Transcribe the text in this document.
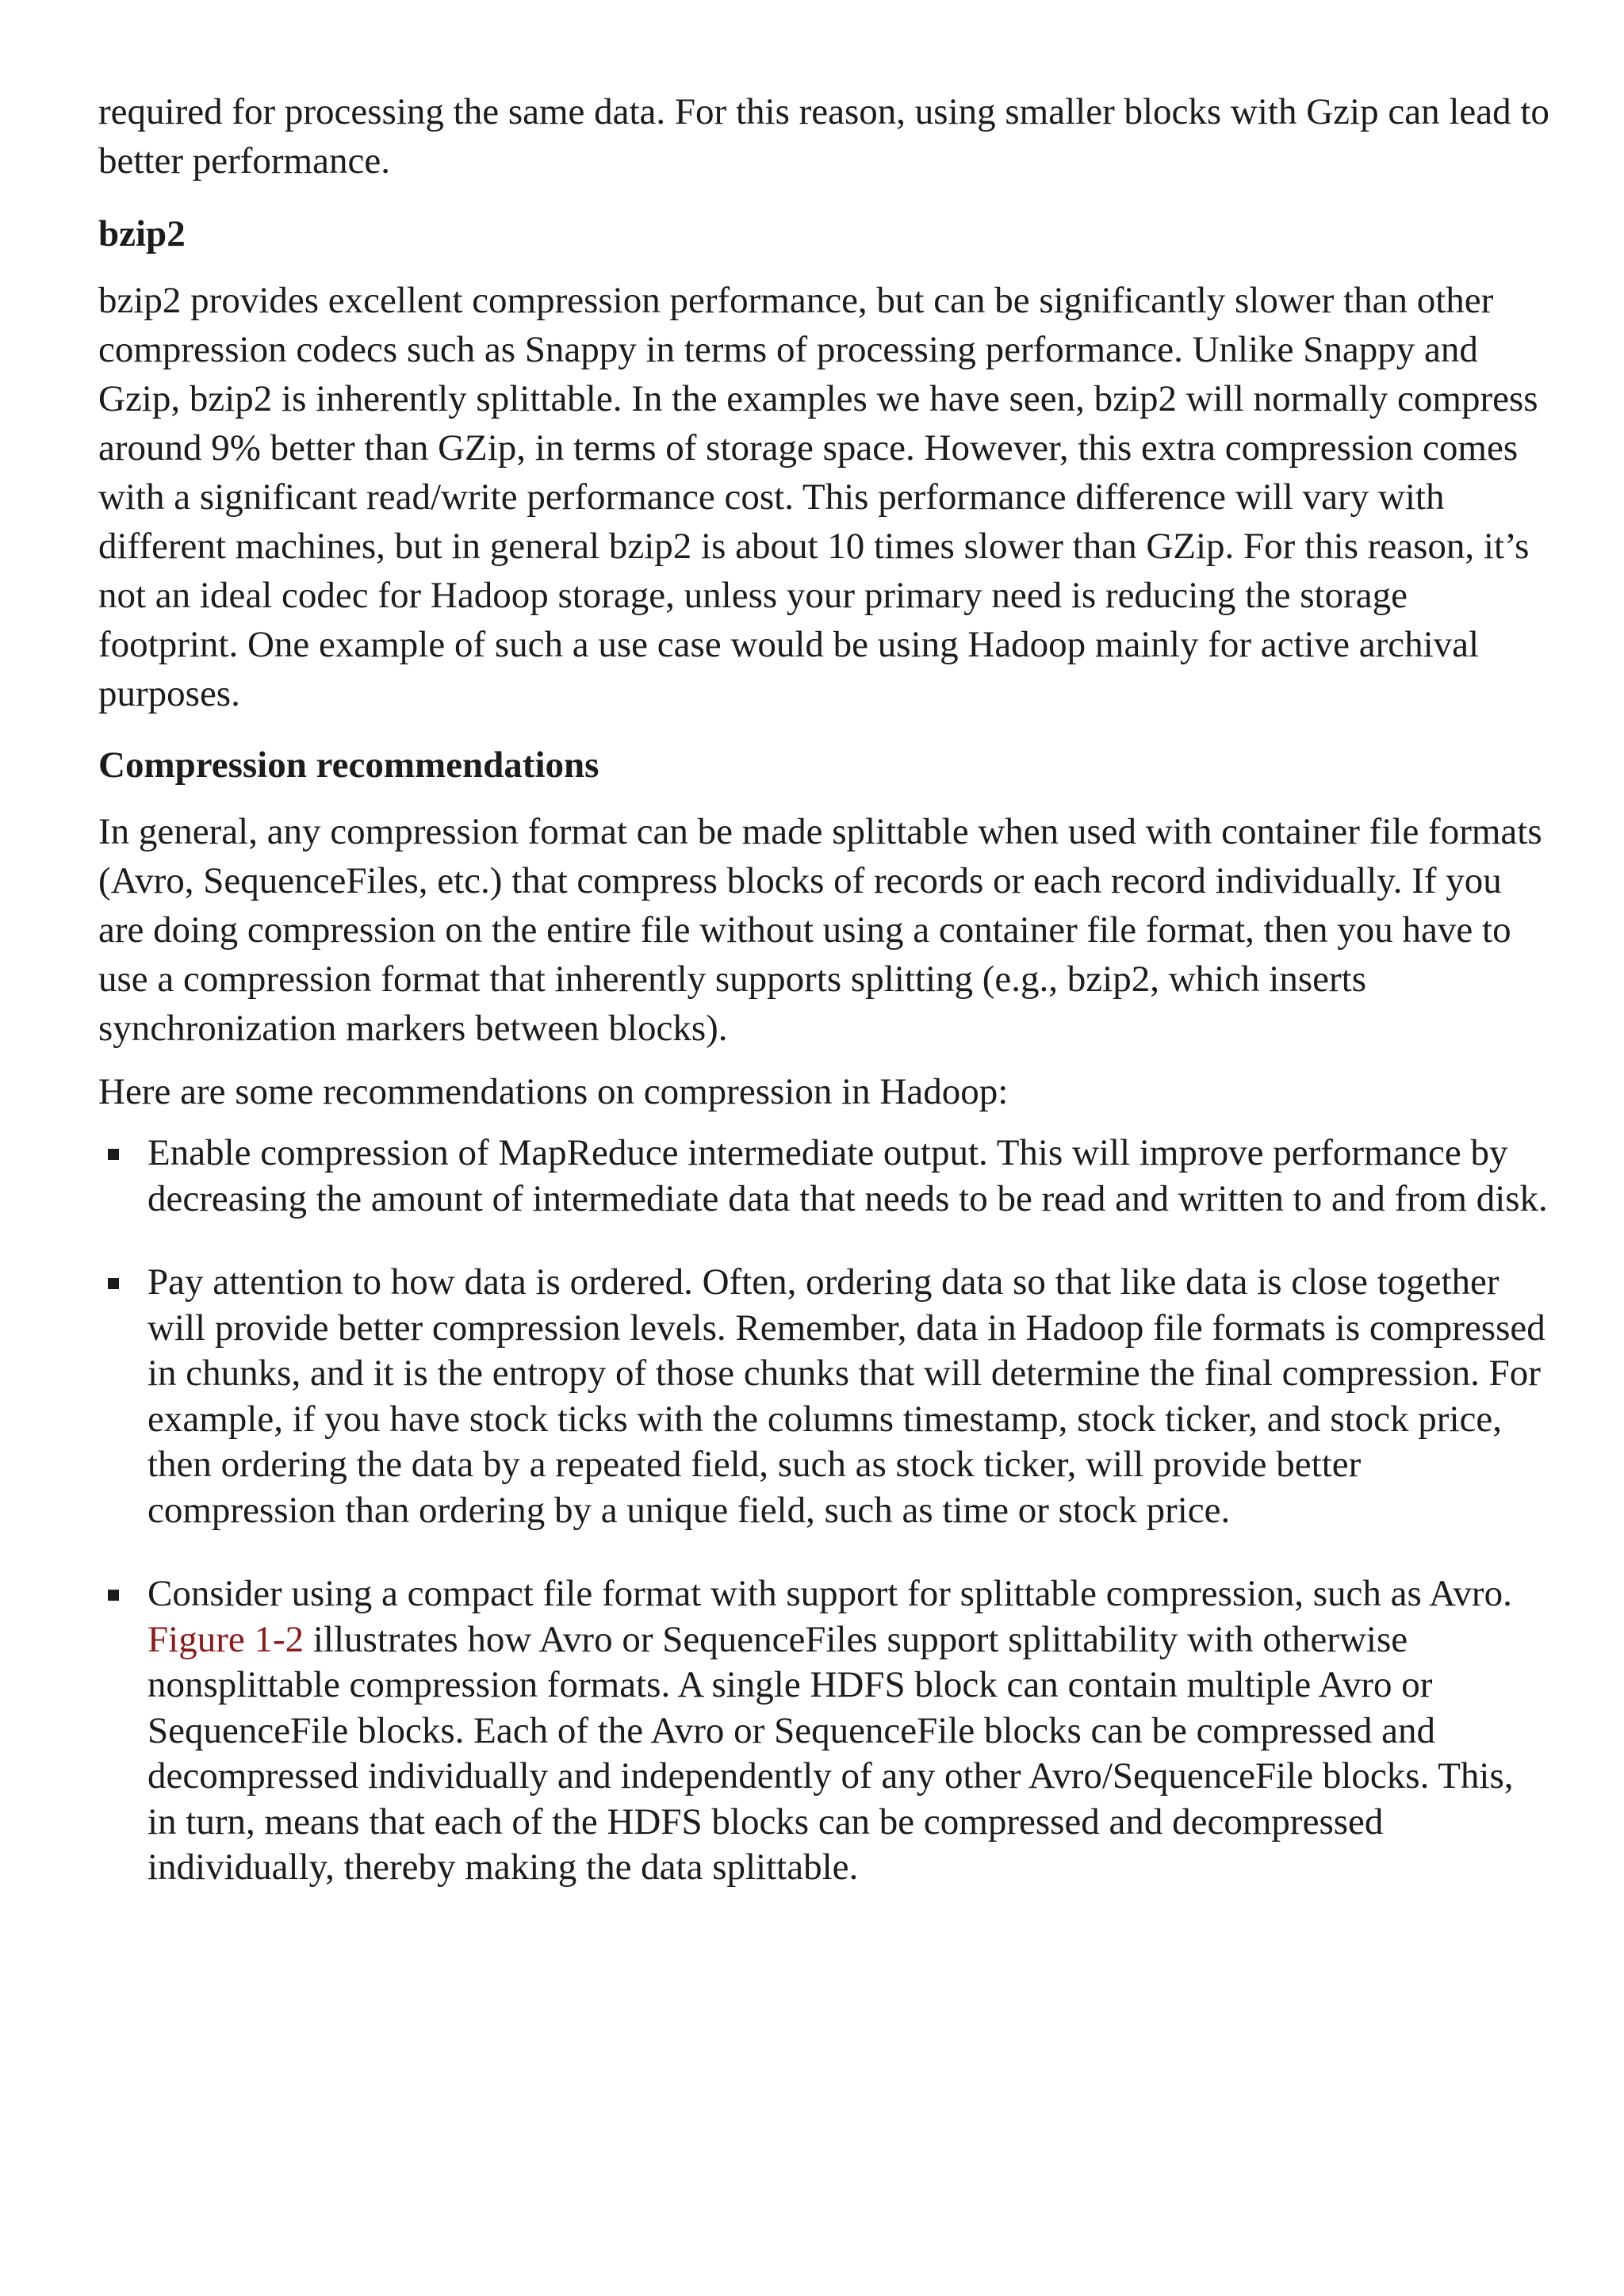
required for processing the same data. For this reason, using smaller blocks with Gzip can lead to better performance.

bzip2

bzip2 provides excellent compression performance, but can be significantly slower than other compression codecs such as Snappy in terms of processing performance. Unlike Snappy and Gzip, bzip2 is inherently splittable. In the examples we have seen, bzip2 will normally compress around 9% better than GZip, in terms of storage space. However, this extra compression comes with a significant read/write performance cost. This performance difference will vary with different machines, but in general bzip2 is about 10 times slower than GZip. For this reason, it’s not an ideal codec for Hadoop storage, unless your primary need is reducing the storage footprint. One example of such a use case would be using Hadoop mainly for active archival purposes.

Compression recommendations

In general, any compression format can be made splittable when used with container file formats (Avro, SequenceFiles, etc.) that compress blocks of records or each record individually. If you are doing compression on the entire file without using a container file format, then you have to use a compression format that inherently supports splitting (e.g., bzip2, which inserts synchronization markers between blocks).

Here are some recommendations on compression in Hadoop:

Enable compression of MapReduce intermediate output. This will improve performance by decreasing the amount of intermediate data that needs to be read and written to and from disk.
Pay attention to how data is ordered. Often, ordering data so that like data is close together will provide better compression levels. Remember, data in Hadoop file formats is compressed in chunks, and it is the entropy of those chunks that will determine the final compression. For example, if you have stock ticks with the columns timestamp, stock ticker, and stock price, then ordering the data by a repeated field, such as stock ticker, will provide better compression than ordering by a unique field, such as time or stock price.
Consider using a compact file format with support for splittable compression, such as Avro. Figure 1-2 illustrates how Avro or SequenceFiles support splittability with otherwise nonsplittable compression formats. A single HDFS block can contain multiple Avro or SequenceFile blocks. Each of the Avro or SequenceFile blocks can be compressed and decompressed individually and independently of any other Avro/SequenceFile blocks. This, in turn, means that each of the HDFS blocks can be compressed and decompressed individually, thereby making the data splittable.
